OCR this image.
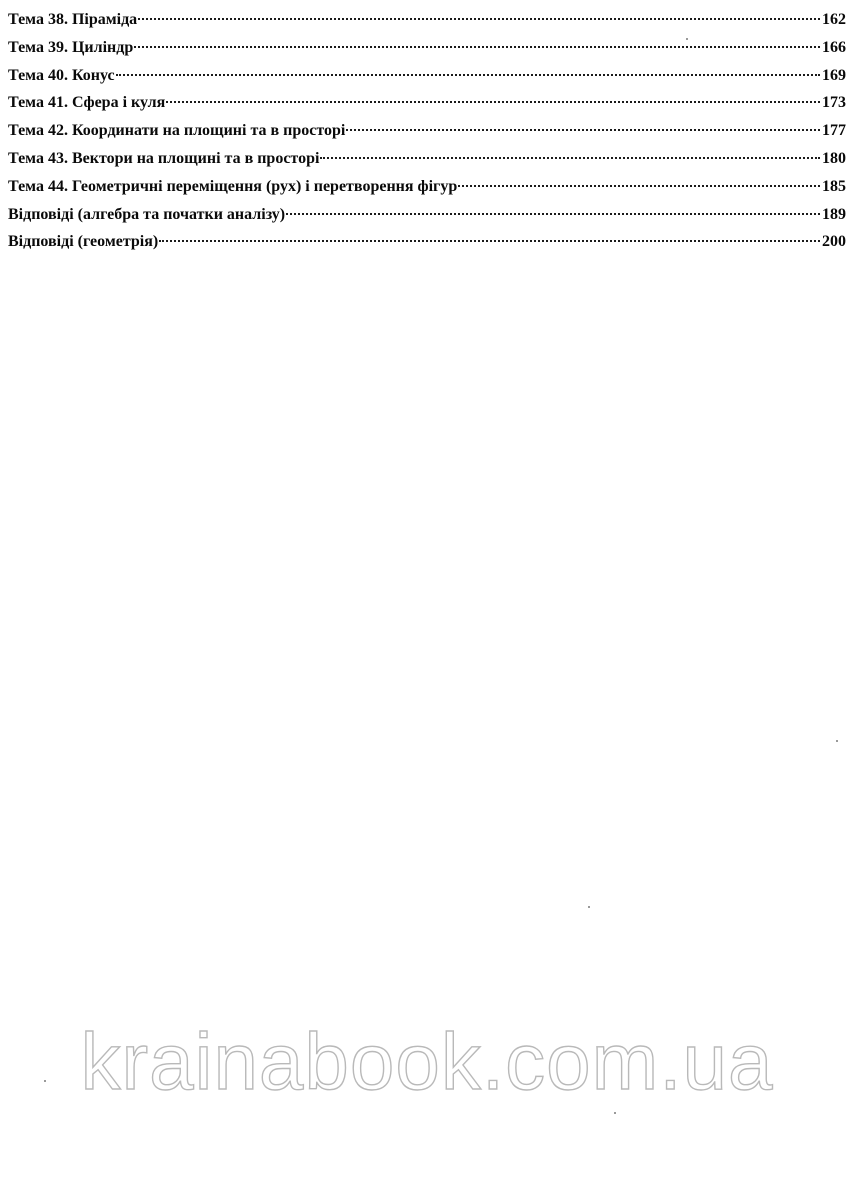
Тема 38. Піраміда	162
Тема 39. Циліндр	166
Тема 40. Конус	169
Тема 41. Сфера і куля	173
Тема 42. Координати на площині та в просторі	177
Тема 43. Вектори на площині та в просторі	180
Тема 44. Геометричні переміщення (рух) і перетворення фігур	185
Відповіді (алгебра та початки аналізу)	189
Відповіді (геометрія)	200
krainabook.com.ua
